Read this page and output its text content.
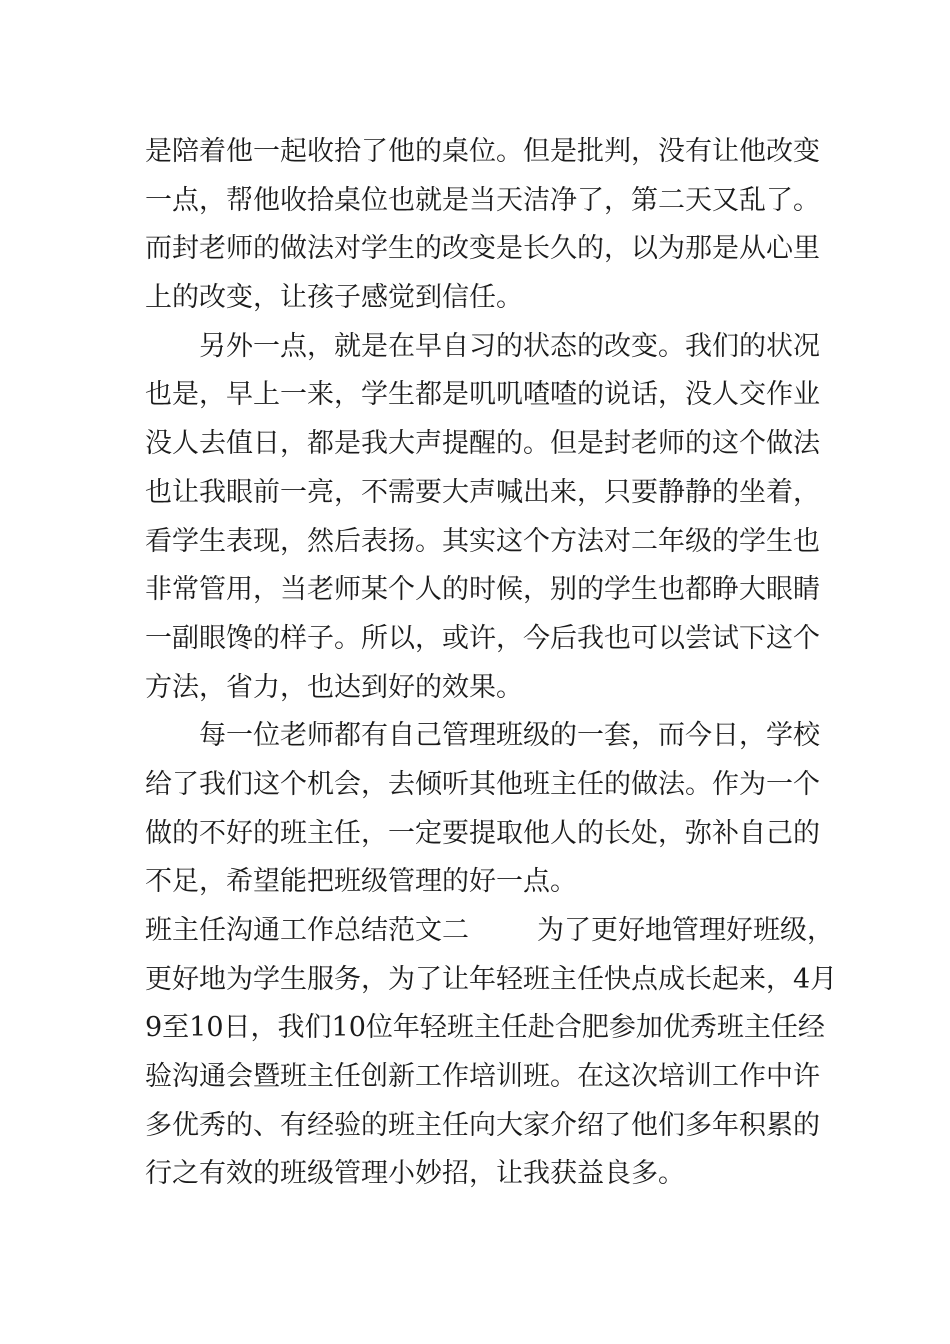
是陪着他一起收拾了他的桌位。但是批判，没有让他改变
一点，帮他收拾桌位也就是当天洁净了，第二天又乱了。
而封老师的做法对学生的改变是长久的，以为那是从心里
上的改变，让孩子感觉到信任。
另外一点，就是在早自习的状态的改变。我们的状况
也是，早上一来，学生都是叽叽喳喳的说话，没人交作业
没人去值日，都是我大声提醒的。但是封老师的这个做法
也让我眼前一亮，不需要大声喊出来，只要静静的坐着，
看学生表现，然后表扬。其实这个方法对二年级的学生也
非常管用，当老师某个人的时候，别的学生也都睁大眼睛
一副眼馋的样子。所以，或许，今后我也可以尝试下这个
方法，省力，也达到好的效果。
每一位老师都有自己管理班级的一套，而今日，学校
给了我们这个机会，去倾听其他班主任的做法。作为一个
做的不好的班主任，一定要提取他人的长处，弥补自己的
不足，希望能把班级管理的好一点。
班主任沟通工作总结范文二	为了更好地管理好班级，
更好地为学生服务，为了让年轻班主任快点成长起来，4月
9至10日，我们10位年轻班主任赴合肥参加优秀班主任经
验沟通会暨班主任创新工作培训班。在这次培训工作中许
多优秀的、有经验的班主任向大家介绍了他们多年积累的
行之有效的班级管理小妙招，让我获益良多。
